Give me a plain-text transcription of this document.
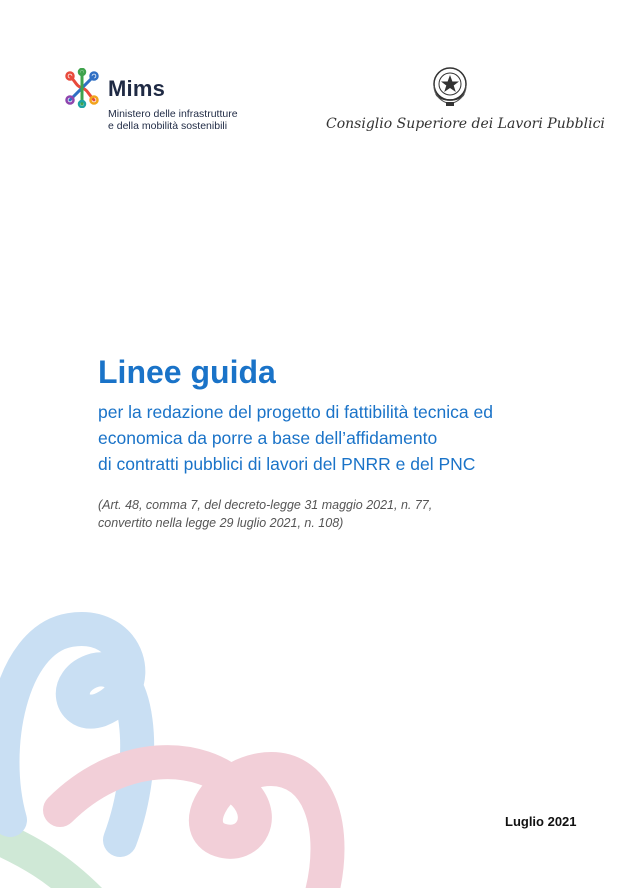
Mims
Ministero delle infrastrutture
e della mobilità sostenibili	Consiglio Superiore dei Lavori Pubblici
Linee guida
per la redazione del progetto di fattibilità tecnica ed
economica da porre a base dell’affidamento
di contratti pubblici di lavori del PNRR e del PNC
(Art. 48, comma 7, del decreto-legge 31 maggio 2021, n. 77,
convertito nella legge 29 luglio 2021, n. 108)
Luglio 2021
